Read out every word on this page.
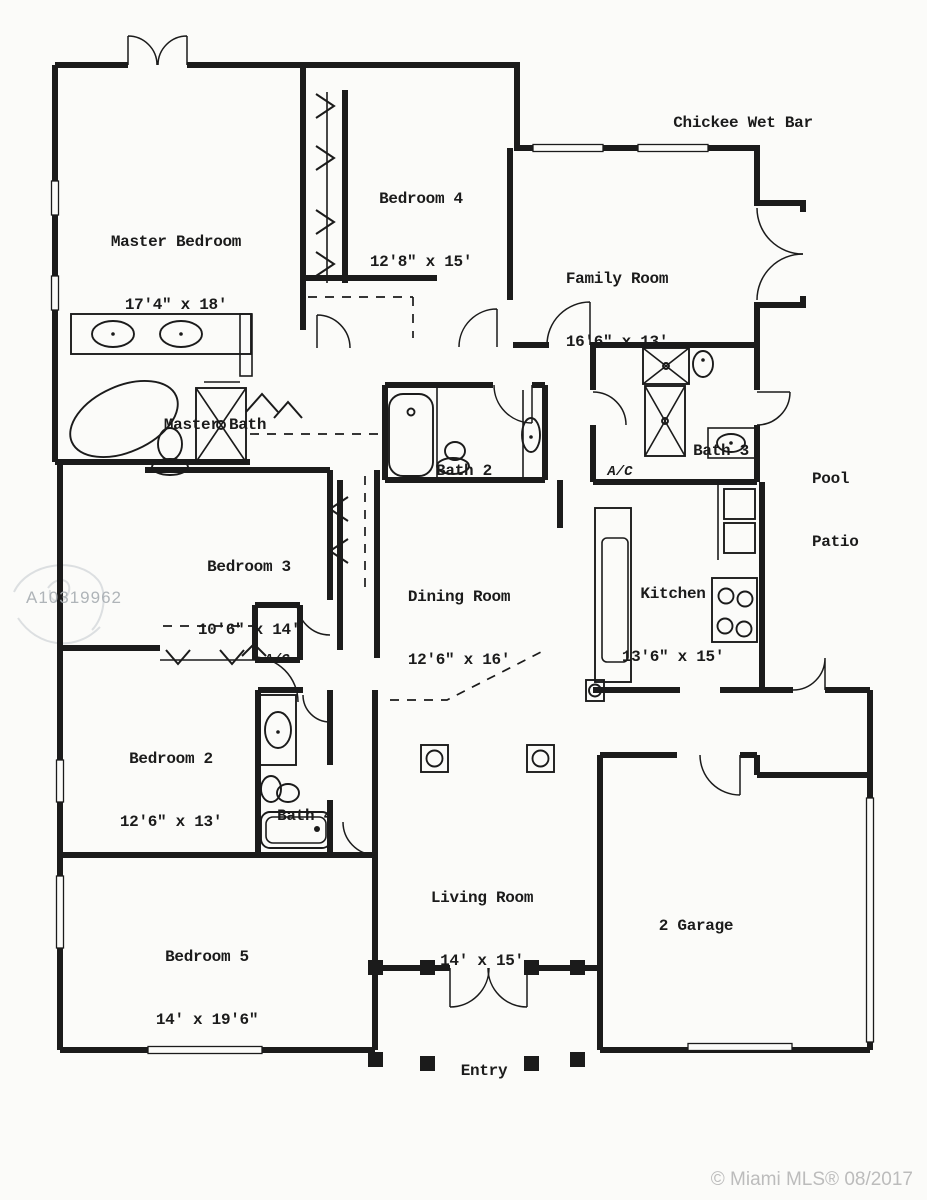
Chickee Wet Bar

Master Bedroom

17'4" x 18'

Bedroom 4

12'8" x 15'

Family Room

16'6" x 13'

Master Bath

Bath 2

Bath 3

A/C

	Pool

Patio

Bedroom 3

10'6" x 14'

Dining Room

12'6" x 16'

Kitchen

13'6" x 15'

A/C

Bedroom 2

12'6" x 13'

	Bath 4

Living Room

14' x 15'

2 Garage

Bedroom 5

14' x 19'6"

Entry
A10319962
© Miami MLS® 08/2017
